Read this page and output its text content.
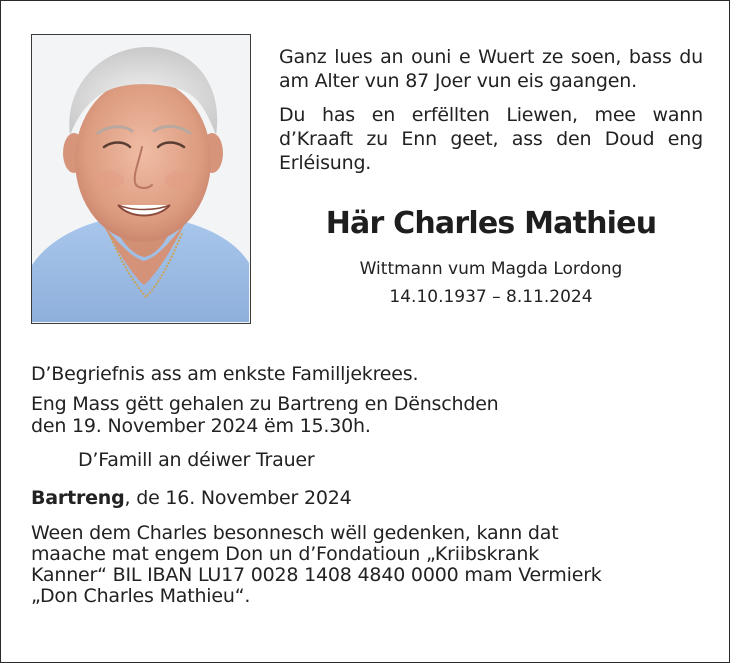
Ganz lues an ouni e Wuert ze soen, bass du am Alter vun 87 Joer vun eis gaangen.

Du has en erfëllten Liewen, mee wann d’Kraaft zu Enn geet, ass den Doud eng Erléisung.

Här Charles Mathieu
Wittmann vum Magda Lordong
14.10.1937 – 8.11.2024

D’Begriefnis ass am enkste Familljekrees.

Eng Mass gëtt gehalen zu Bartreng en Dënschden

den 19. November 2024 ëm 15.30h.

D’Famill an déiwer Trauer

Bartreng, de 16. November 2024

Ween dem Charles besonnesch wëll gedenken, kann dat

maache mat engem Don un d’Fondatioun „Kriibskrank

Kanner“ BIL IBAN LU17 0028 1408 4840 0000 mam Vermierk

„Don Charles Mathieu“.
